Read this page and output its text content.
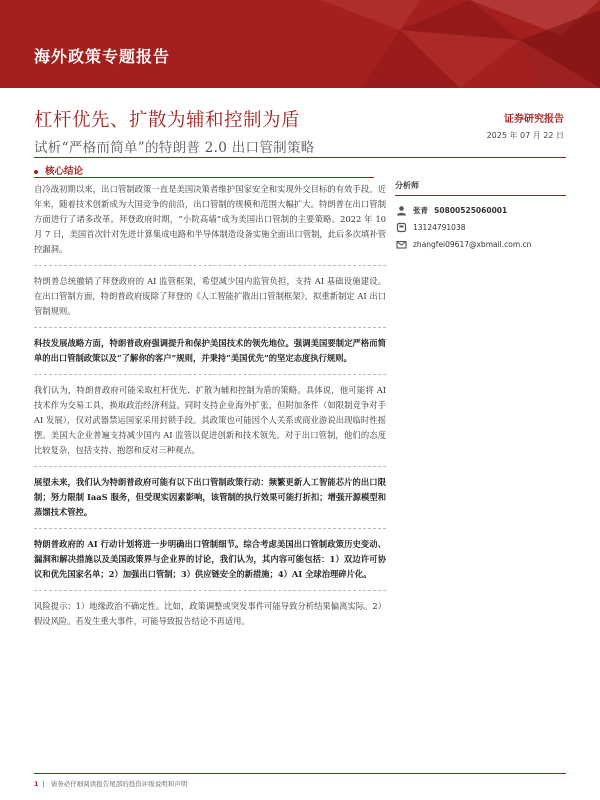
海外政策专题报告
杠杆优先、扩散为辅和控制为盾
试析“严格而简单”的特朗普 2.0 出口管制策略
证券研究报告
2025 年 07 月 22 日
核心结论

自冷战初期以来，出口管制政策一直是美国决策者维护国家安全和实现外交目标的有效手段。近年来，随着技术创新成为大国竞争的前沿，出口管制的规模和范围大幅扩大。特朗普在出口管制方面进行了诸多改革。拜登政府时期，“小院高墙”成为美国出口管制的主要策略。2022 年 10 月 7 日，美国首次针对先进计算集成电路和半导体制造设备实施全面出口管制，此后多次填补管控漏洞。

特朗普总统撤销了拜登政府的 AI 监管框架，希望减少国内监管负担，支持 AI 基础设施建设。在出口管制方面，特朗普政府废除了拜登的《人工智能扩散出口管制框架》，拟重新制定 AI 出口管制规则。

科技发展战略方面，特朗普政府强调提升和保护美国技术的领先地位。强调美国要制定严格而简单的出口管制政策以及“了解你的客户”规则，并秉持“美国优先”的坚定态度执行规则。

我们认为，特朗普政府可能采取杠杆优先、扩散为辅和控制为盾的策略。具体说，他可能将 AI 技术作为交易工具，换取政治经济利益。同时支持企业海外扩张，但附加条件（如限制竞争对手 AI 发展），仅对武器禁运国家采用封锁手段。其政策也可能因个人关系或商业游说出现临时性摇摆。美国大企业普遍支持减少国内 AI 监管以促进创新和技术领先。对于出口管制，他们的态度比较复杂，包括支持、抱怨和反对三种观点。

展望未来，我们认为特朗普政府可能有以下出口管制政策行动：频繁更新人工智能芯片的出口限制；努力限制 IaaS 服务，但受现实因素影响，该管制的执行效果可能打折扣；增强开源模型和蒸馏技术管控。

特朗普政府的 AI 行动计划将进一步明确出口管制细节。综合考虑美国出口管制政策历史变动、漏洞和解决措施以及美国政策界与企业界的讨论，我们认为，其内容可能包括：1）双边许可协议和优先国家名单；2）加强出口管制；3）供应链安全的新措施；4）AI 全球治理碎片化。

风险提示：1）地缘政治不确定性。比如，政策调整或突发事件可能导致分析结果偏离实际。2）假设风险。若发生重大事件，可能导致报告结论不再适用。

分析师
张青 S0800525060001
13124791038
zhangfei09617@xbmail.com.cn
1 | 请务必仔细阅读报告尾部的投资评级说明和声明
